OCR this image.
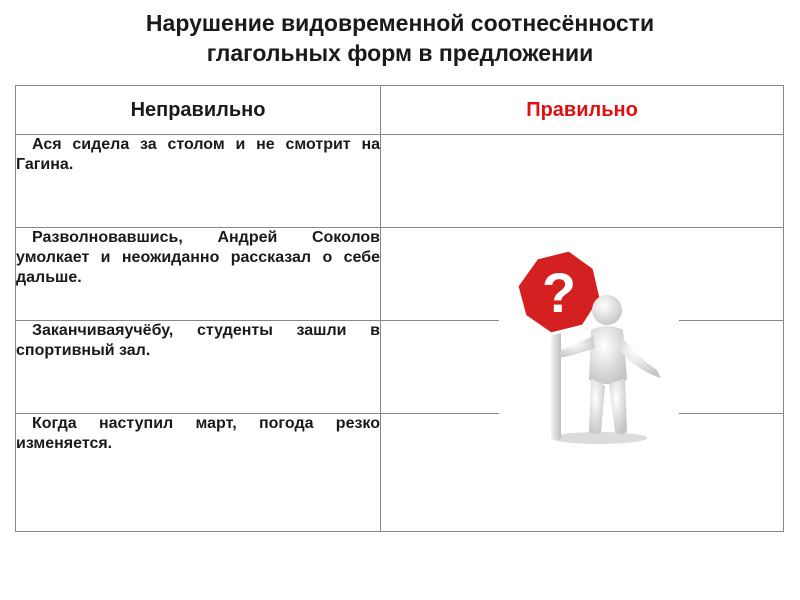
Нарушение видовременной соотнесённости
глагольных форм в предложении
Неправильно	Правильно

Ася сидела за столом и не смотрит на Гагина.	

Разволновавшись, Андрей Соколов умолкает и неожиданно рассказал о себе дальше.	

Заканчиваяучёбу, студенты зашли в спортивный зал.	

Когда наступил март, погода резко изменяется.	

?
